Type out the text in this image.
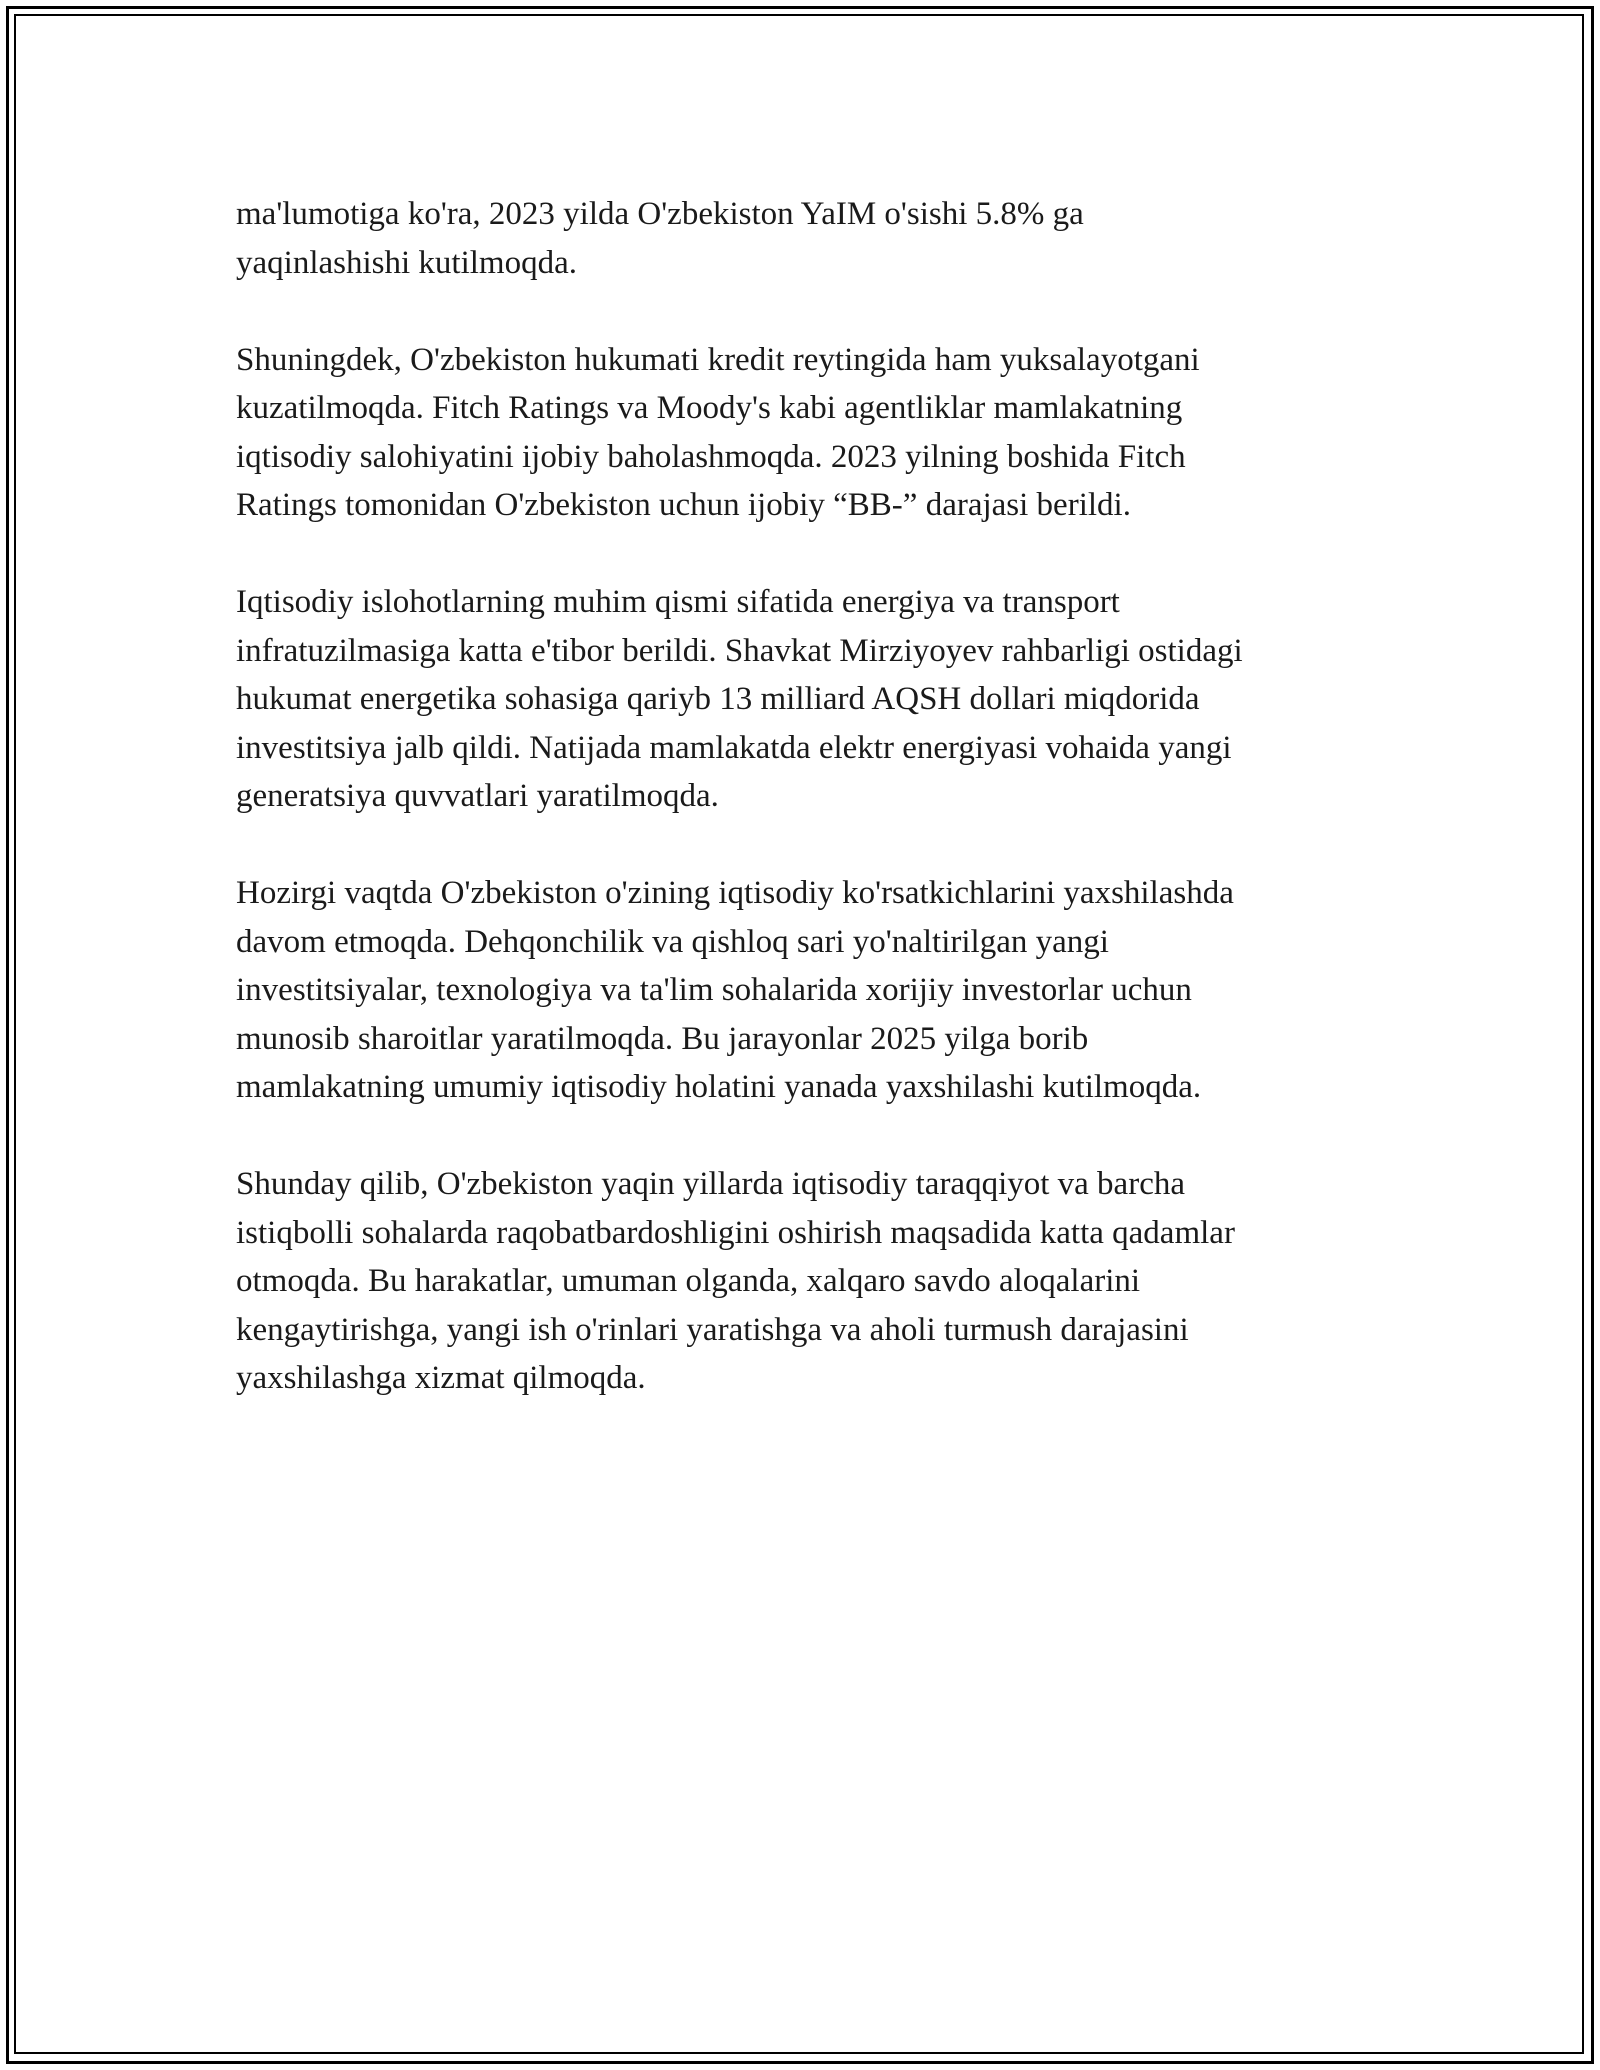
ma'lumotiga ko'ra, 2023 yilda O'zbekiston YaIM o'sishi 5.8% ga
yaqinlashishi kutilmoqda.

Shuningdek, O'zbekiston hukumati kredit reytingida ham yuksalayotgani
kuzatilmoqda. Fitch Ratings va Moody's kabi agentliklar mamlakatning
iqtisodiy salohiyatini ijobiy baholashmoqda. 2023 yilning boshida Fitch
Ratings tomonidan O'zbekiston uchun ijobiy “BB-” darajasi berildi.

Iqtisodiy islohotlarning muhim qismi sifatida energiya va transport
infratuzilmasiga katta e'tibor berildi. Shavkat Mirziyoyev rahbarligi ostidagi
hukumat energetika sohasiga qariyb 13 milliard AQSH dollari miqdorida
investitsiya jalb qildi. Natijada mamlakatda elektr energiyasi vohaida yangi
generatsiya quvvatlari yaratilmoqda.

Hozirgi vaqtda O'zbekiston o'zining iqtisodiy ko'rsatkichlarini yaxshilashda
davom etmoqda. Dehqonchilik va qishloq sari yo'naltirilgan yangi
investitsiyalar, texnologiya va ta'lim sohalarida xorijiy investorlar uchun
munosib sharoitlar yaratilmoqda. Bu jarayonlar 2025 yilga borib
mamlakatning umumiy iqtisodiy holatini yanada yaxshilashi kutilmoqda.

Shunday qilib, O'zbekiston yaqin yillarda iqtisodiy taraqqiyot va barcha
istiqbolli sohalarda raqobatbardoshligini oshirish maqsadida katta qadamlar
otmoqda. Bu harakatlar, umuman olganda, xalqaro savdo aloqalarini
kengaytirishga, yangi ish o'rinlari yaratishga va aholi turmush darajasini
yaxshilashga xizmat qilmoqda.
